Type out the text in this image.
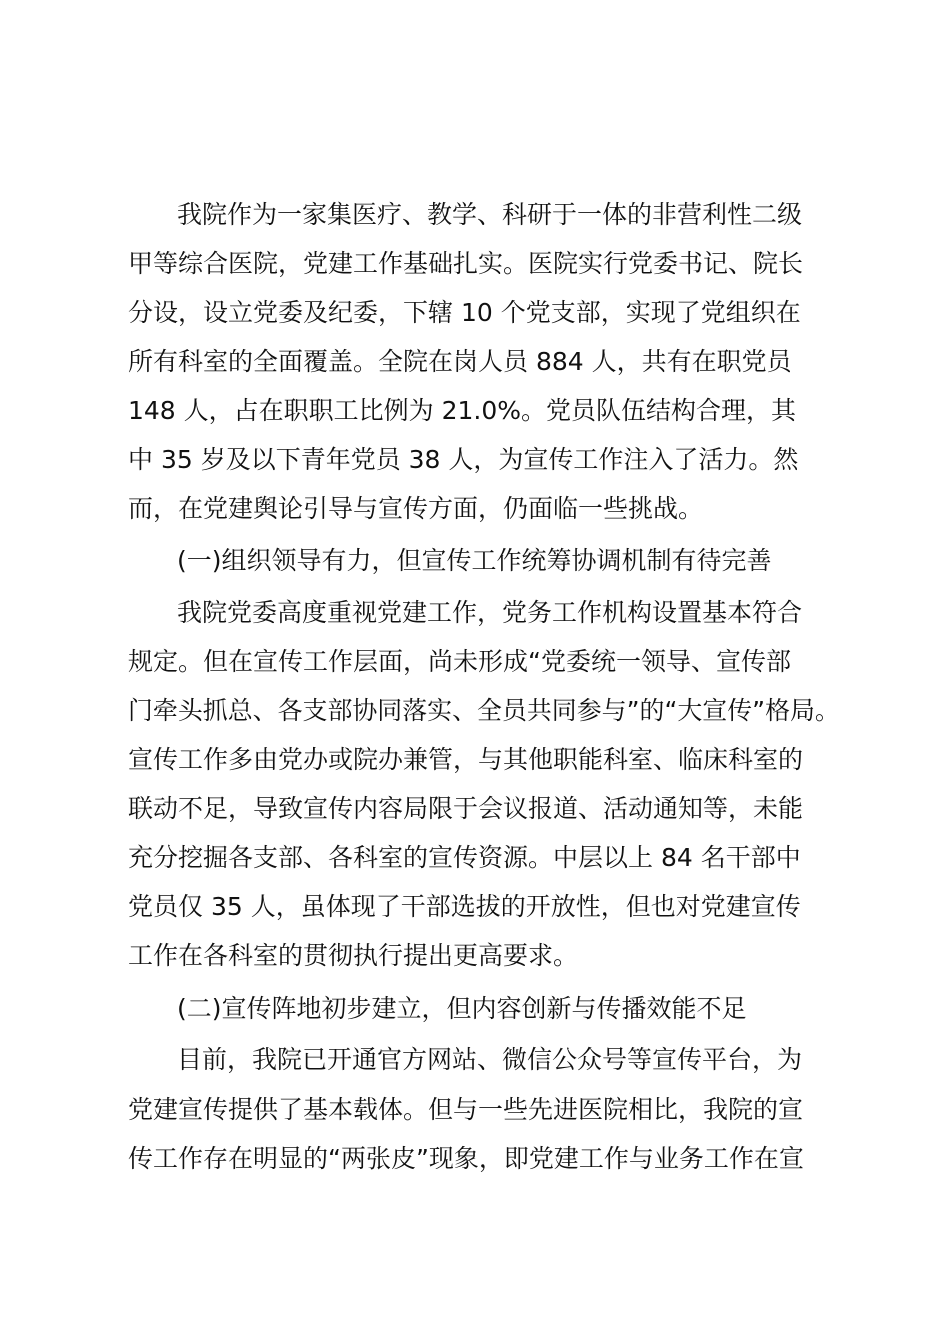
我院作为一家集医疗、教学、科研于一体的非营利性二级
甲等综合医院，党建工作基础扎实。医院实行党委书记、院长
分设，设立党委及纪委，下辖 10 个党支部，实现了党组织在
所有科室的全面覆盖。全院在岗人员 884 人，共有在职党员
148 人，占在职职工比例为 21.0%。党员队伍结构合理，其
中 35 岁及以下青年党员 38 人，为宣传工作注入了活力。然
而，在党建舆论引导与宣传方面，仍面临一些挑战。
(一)组织领导有力，但宣传工作统筹协调机制有待完善
我院党委高度重视党建工作，党务工作机构设置基本符合
规定。但在宣传工作层面，尚未形成“党委统一领导、宣传部
门牵头抓总、各支部协同落实、全员共同参与”的“大宣传”格局。
宣传工作多由党办或院办兼管，与其他职能科室、临床科室的
联动不足，导致宣传内容局限于会议报道、活动通知等，未能
充分挖掘各支部、各科室的宣传资源。中层以上 84 名干部中
党员仅 35 人，虽体现了干部选拔的开放性，但也对党建宣传
工作在各科室的贯彻执行提出更高要求。
(二)宣传阵地初步建立，但内容创新与传播效能不足
目前，我院已开通官方网站、微信公众号等宣传平台，为
党建宣传提供了基本载体。但与一些先进医院相比，我院的宣
传工作存在明显的“两张皮”现象，即党建工作与业务工作在宣
